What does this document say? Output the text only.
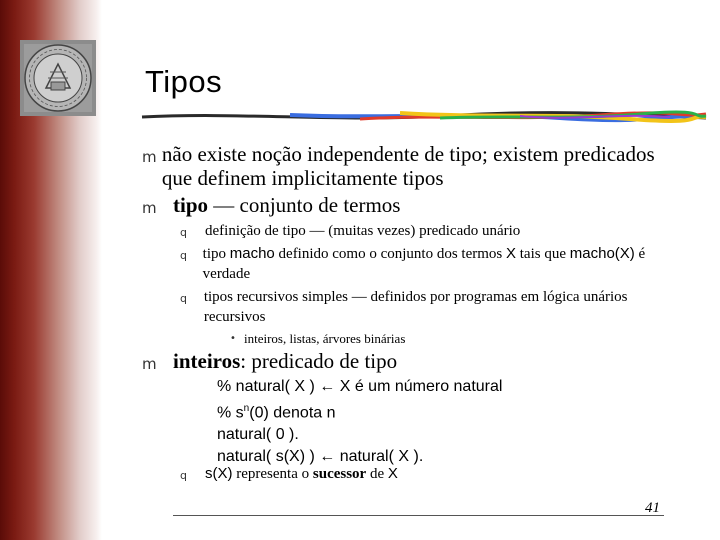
Tipos
m não existe noção independente de tipo; existem predicados que definem implicitamente tipos
m tipo — conjunto de termos
q	definição de tipo — (muitas vezes) predicado unário
q	tipo macho definido como o conjunto dos termos X tais que macho(X) é verdade
q	tipos recursivos simples — definidos por programas em lógica unários recursivos
• inteiros, listas, árvores binárias
m inteiros: predicado de tipo
% natural( X ) ← X é um número natural
% $s^n(0)$ denota n
natural( 0 ).
natural( s(X) ) ← natural( X ).
q	s(X) representa o sucessor de X
41
